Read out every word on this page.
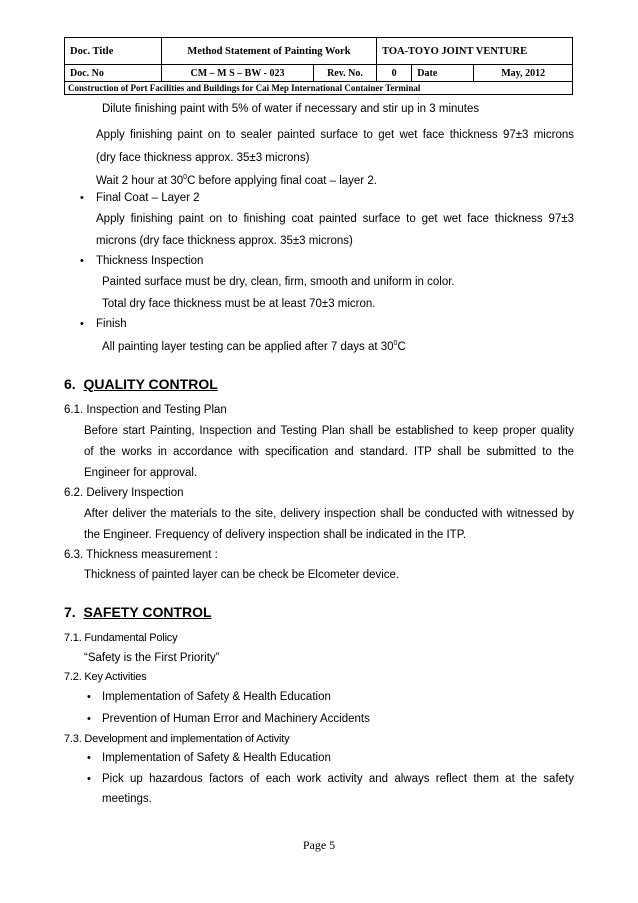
Doc. Title	Method Statement of Painting Work		TOA-TOYO JOINT VENTURE		
Doc. No	CM – M S – BW - 023	Rev. No.	0	Date	May, 2012
Construction of Port Facilities and Buildings for Cai Mep International Container Terminal					
Dilute finishing paint with 5% of water if necessary and stir up in 3 minutes
Apply finishing paint on to sealer painted surface to get wet face thickness 97±3 microns
(dry face thickness approx. 35±3 microns)
Wait 2 hour at $30^0C$ before applying final coat – layer 2.
• Final Coat – Layer 2
Apply finishing paint on to finishing coat painted surface to get wet face thickness 97±3
microns (dry face thickness approx. 35±3 microns)
• Thickness Inspection
Painted surface must be dry, clean, firm, smooth and uniform in color.
Total dry face thickness must be at least 70±3 micron.
• Finish
All painting layer testing can be applied after 7 days at $30^0C$
6. QUALITY CONTROL
6.1. Inspection and Testing Plan
Before start Painting, Inspection and Testing Plan shall be established to keep proper quality
of the works in accordance with specification and standard. ITP shall be submitted to the
Engineer for approval.
6.2. Delivery Inspection
After deliver the materials to the site, delivery inspection shall be conducted with witnessed by
the Engineer. Frequency of delivery inspection shall be indicated in the ITP.
6.3. Thickness measurement :
Thickness of painted layer can be check be Elcometer device.
7. SAFETY CONTROL
7.1. Fundamental Policy
“Safety is the First Priority”
7.2. Key Activities
• Implementation of Safety & Health Education
• Prevention of Human Error and Machinery Accidents
7.3. Development and implementation of Activity
• Implementation of Safety & Health Education
• Pick up hazardous factors of each work activity and always reflect them at the safety
meetings.
Page 5
